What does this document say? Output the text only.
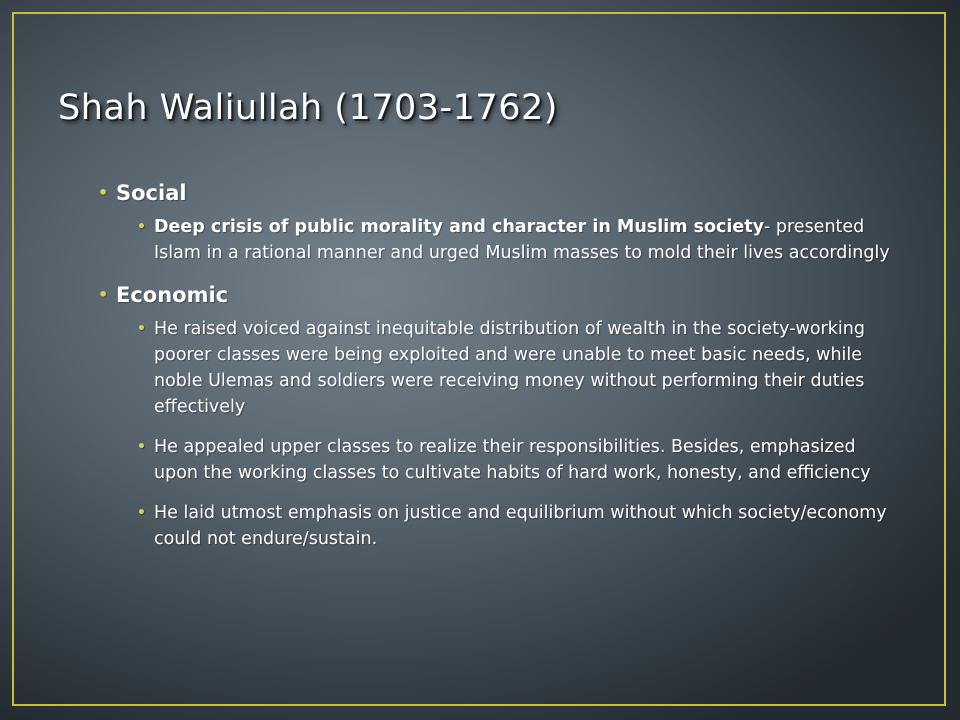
Shah Waliullah (1703-1762)
• Social
• Deep crisis of public morality and character in Muslim society- presented Islam in a rational manner and urged Muslim masses to mold their lives accordingly
• Economic
• He raised voiced against inequitable distribution of wealth in the society-working poorer classes were being exploited and were unable to meet basic needs, while noble Ulemas and soldiers were receiving money without performing their duties effectively
• He appealed upper classes to realize their responsibilities. Besides, emphasized upon the working classes to cultivate habits of hard work, honesty, and efficiency
• He laid utmost emphasis on justice and equilibrium without which society/economy could not endure/sustain.
